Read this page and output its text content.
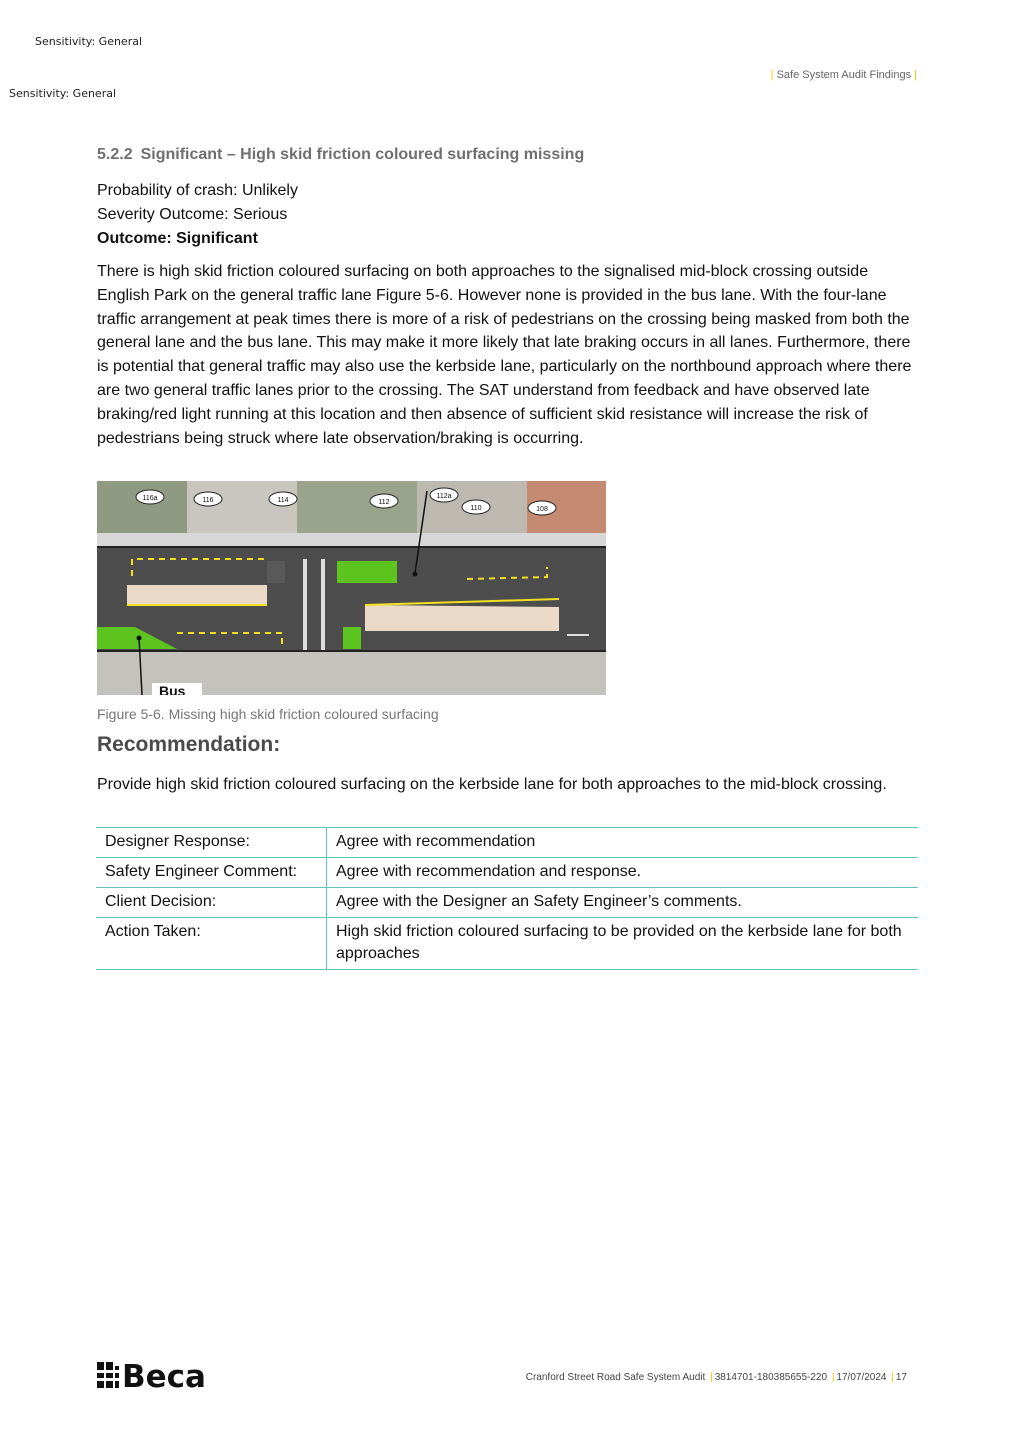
Sensitivity: General
Sensitivity: General
| Safe System Audit Findings |
5.2.2 Significant – High skid friction coloured surfacing missing
Probability of crash: Unlikely
Severity Outcome: Serious
Outcome: Significant
There is high skid friction coloured surfacing on both approaches to the signalised mid-block crossing outside English Park on the general traffic lane Figure 5-6. However none is provided in the bus lane. With the four-lane traffic arrangement at peak times there is more of a risk of pedestrians on the crossing being masked from both the general lane and the bus lane. This may make it more likely that late braking occurs in all lanes. Furthermore, there is potential that general traffic may also use the kerbside lane, particularly on the northbound approach where there are two general traffic lanes prior to the crossing. The SAT understand from feedback and have observed late braking/red light running at this location and then absence of sufficient skid resistance will increase the risk of pedestrians being struck where late observation/braking is occurring.
116a	116	114	112
112a
110	108
Bus
Figure 5-6. Missing high skid friction coloured surfacing
Recommendation:
Provide high skid friction coloured surfacing on the kerbside lane for both approaches to the mid-block crossing.
Designer Response:	Agree with recommendation
Safety Engineer Comment:	Agree with recommendation and response.
Client Decision:	Agree with the Designer an Safety Engineer’s comments.
Action Taken:	High skid friction coloured surfacing to be provided on the kerbside lane for both approaches
Beca	Cranford Street Road Safe System Audit | 3814701-180385655-220 | 17/07/2024 | 17
